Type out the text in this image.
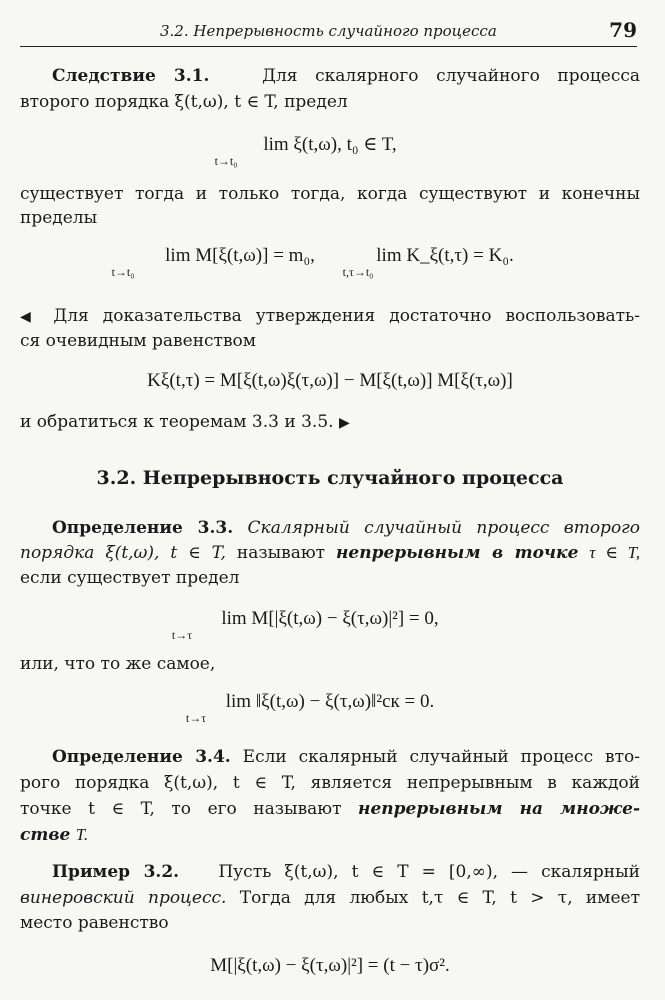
3.2. Непрерывность случайного процесса	79
Следствие 3.1.	Для скалярного случайного процесса
второго порядка ξ(t,ω), t ∈ T, предел
lim ξ(t,ω), t₀ ∈ T,
t→t₀
существует тогда и только тогда, когда существуют и конечны
пределы
lim M[ξ(t,ω)] = m₀,
t→t₀
lim K_ξ(t,τ) = K₀.
t,τ→t₀
◀ Для доказательства утверждения достаточно воспользовать-
ся очевидным равенством
Kξ(t,τ) = M[ξ(t,ω)ξ(τ,ω)] − M[ξ(t,ω)] M[ξ(τ,ω)]
и обратиться к теоремам 3.3 и 3.5. ▶
3.2. Непрерывность случайного процесса
Определение 3.3. Скалярный случайный процесс второго
порядка ξ(t,ω), t ∈ T, называют непрерывным в точке τ ∈ T,
если существует предел
lim M[|ξ(t,ω) − ξ(τ,ω)|²] = 0,
t→τ
или, что то же самое,
lim ‖ξ(t,ω) − ξ(τ,ω)‖²ск = 0.
t→τ
Определение 3.4. Если скалярный случайный процесс вто-
рого порядка ξ(t,ω), t ∈ T, является непрерывным в каждой
точке t ∈ T, то его называют непрерывным на множе-
стве T.
Пример 3.2. Пусть ξ(t,ω), t ∈ T = [0,∞), — скалярный
винеровский процесс. Тогда для любых t,τ ∈ T, t > τ, имеет
место равенство
M[|ξ(t,ω) − ξ(τ,ω)|²] = (t − τ)σ².
